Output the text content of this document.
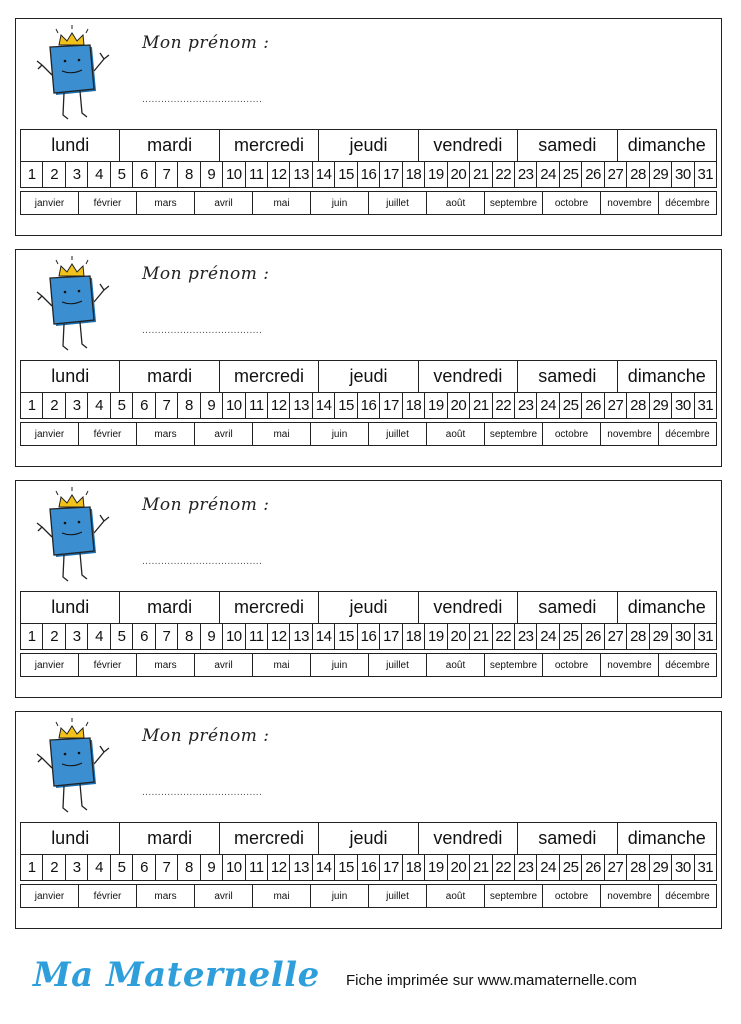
Mon prénom :
......................................
lundi	mardi	mercredi	jeudi	vendredi	samedi	dimanche
1 2 3 4 5 6 7 8 9 10 11 12 13 14 15 16 17 18 19 20 21 22 23 24 25 26 27 28 29 30 31
janvier	février	mars	avril	mai	juin	juillet	août	septembre	octobre	novembre	décembre
Mon prénom :
......................................
lundi	mardi	mercredi	jeudi	vendredi	samedi	dimanche
1 2 3 4 5 6 7 8 9 10 11 12 13 14 15 16 17 18 19 20 21 22 23 24 25 26 27 28 29 30 31
janvier	février	mars	avril	mai	juin	juillet	août	septembre	octobre	novembre	décembre
Mon prénom :
......................................
lundi	mardi	mercredi	jeudi	vendredi	samedi	dimanche
1 2 3 4 5 6 7 8 9 10 11 12 13 14 15 16 17 18 19 20 21 22 23 24 25 26 27 28 29 30 31
janvier	février	mars	avril	mai	juin	juillet	août	septembre	octobre	novembre	décembre
Mon prénom :
......................................
lundi	mardi	mercredi	jeudi	vendredi	samedi	dimanche
1 2 3 4 5 6 7 8 9 10 11 12 13 14 15 16 17 18 19 20 21 22 23 24 25 26 27 28 29 30 31
janvier	février	mars	avril	mai	juin	juillet	août	septembre	octobre	novembre	décembre
Ma Maternelle Fiche imprimée sur www.mamaternelle.com
